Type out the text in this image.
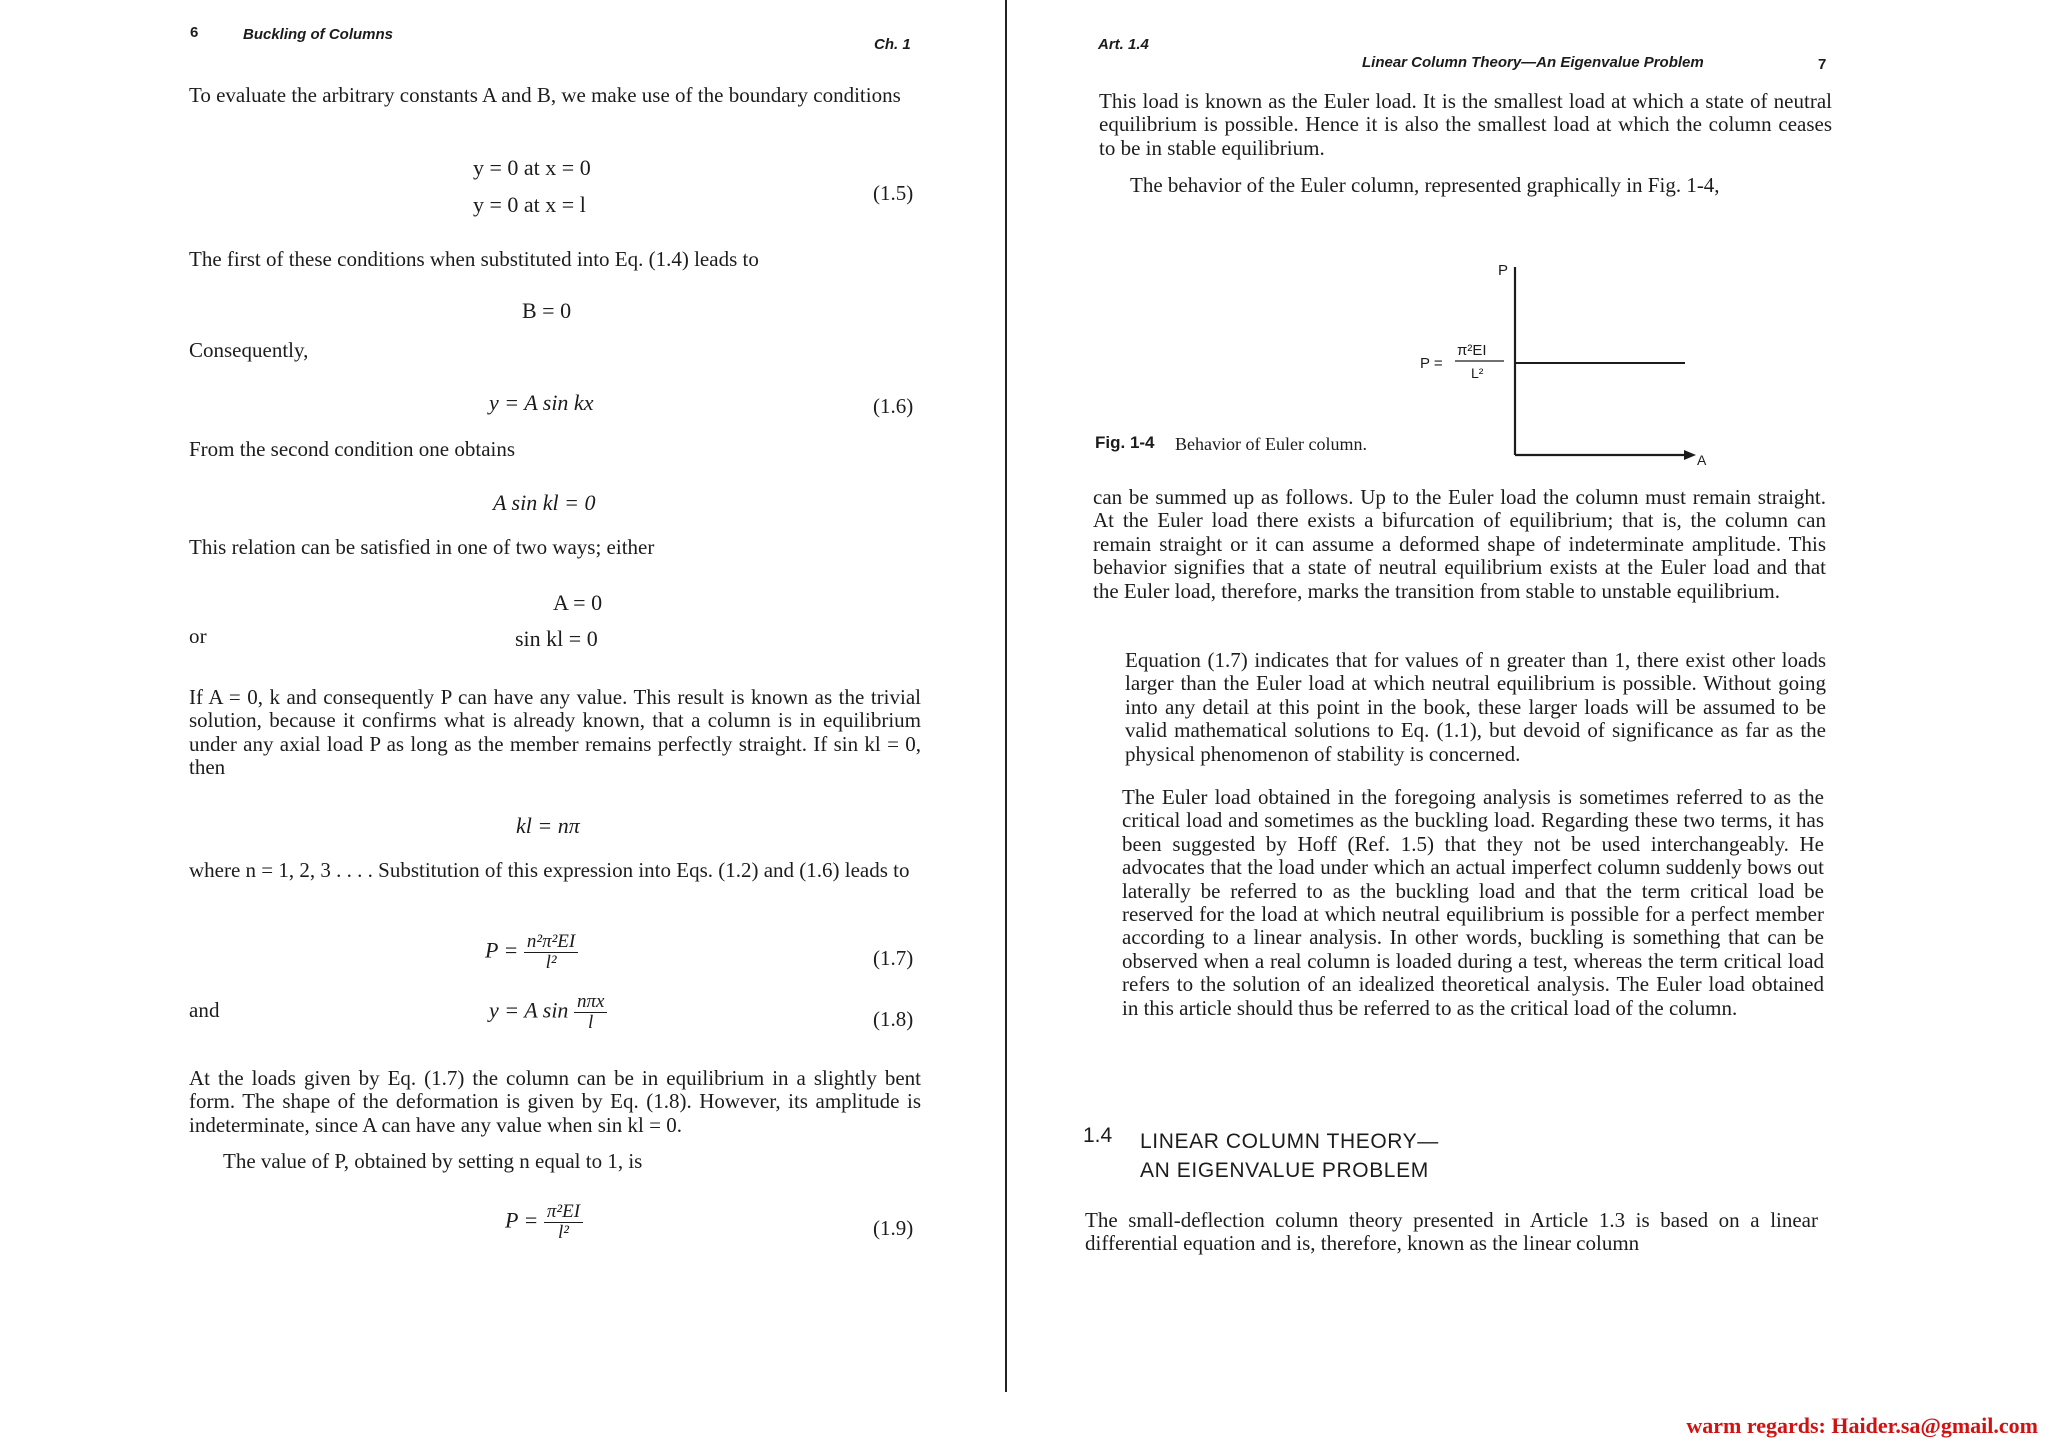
6	Buckling of Columns
Ch. 1
To evaluate the arbitrary constants A and B, we make use of the boundary conditions
y = 0 at x = 0
y = 0 at x = l	(1.5)
The first of these conditions when substituted into Eq. (1.4) leads to
B = 0
Consequently,
y = A sin kx	(1.6)
From the second condition one obtains
A sin kl = 0
This relation can be satisfied in one of two ways; either
A = 0
or	sin kl = 0
If A = 0, k and consequently P can have any value. This result is known as the trivial solution, because it confirms what is already known, that a column is in equilibrium under any axial load P as long as the member remains perfectly straight. If sin kl = 0, then
kl = nπ
where n = 1, 2, 3 . . . . Substitution of this expression into Eqs. (1.2) and (1.6) leads to
$P = \frac{\text{n²π²EI}}{\text{l²}}$	(1.7)
and	y = A $\sin \frac{\text{nπx}}{l}$	(1.8)
At the loads given by Eq. (1.7) the column can be in equilibrium in a slightly bent form. The shape of the deformation is given by Eq. (1.8). However, its amplitude is indeterminate, since A can have any value when sin kl = 0.
The value of P, obtained by setting n equal to 1, is
$P = \frac{\text{π²EI}}{\text{l²}}$	(1.9)
Art. 1.4
Linear Column Theory—An Eigenvalue Problem	7
This load is known as the Euler load. It is the smallest load at which a state of neutral equilibrium is possible. Hence it is also the smallest load at which the column ceases to be in stable equilibrium.
The behavior of the Euler column, represented graphically in Fig. 1-4,
P
A
P =
π²EI
L²
Fig. 1-4 Behavior of Euler column.
can be summed up as follows. Up to the Euler load the column must remain straight. At the Euler load there exists a bifurcation of equilibrium; that is, the column can remain straight or it can assume a deformed shape of indeterminate amplitude. This behavior signifies that a state of neutral equilibrium exists at the Euler load and that the Euler load, therefore, marks the transition from stable to unstable equilibrium.
Equation (1.7) indicates that for values of n greater than 1, there exist other loads larger than the Euler load at which neutral equilibrium is possible. Without going into any detail at this point in the book, these larger loads will be assumed to be valid mathematical solutions to Eq. (1.1), but devoid of significance as far as the physical phenomenon of stability is concerned.
The Euler load obtained in the foregoing analysis is sometimes referred to as the critical load and sometimes as the buckling load. Regarding these two terms, it has been suggested by Hoff (Ref. 1.5) that they not be used interchangeably. He advocates that the load under which an actual imperfect column suddenly bows out laterally be referred to as the buckling load and that the term critical load be reserved for the load at which neutral equilibrium is possible for a perfect member according to a linear analysis. In other words, buckling is something that can be observed when a real column is loaded during a test, whereas the term critical load refers to the solution of an idealized theoretical analysis. The Euler load obtained in this article should thus be referred to as the critical load of the column.
1.4 LINEAR COLUMN THEORY—
AN EIGENVALUE PROBLEM
The small-deflection column theory presented in Article 1.3 is based on a linear differential equation and is, therefore, known as the linear column
warm regards: Haider.sa@gmail.com
